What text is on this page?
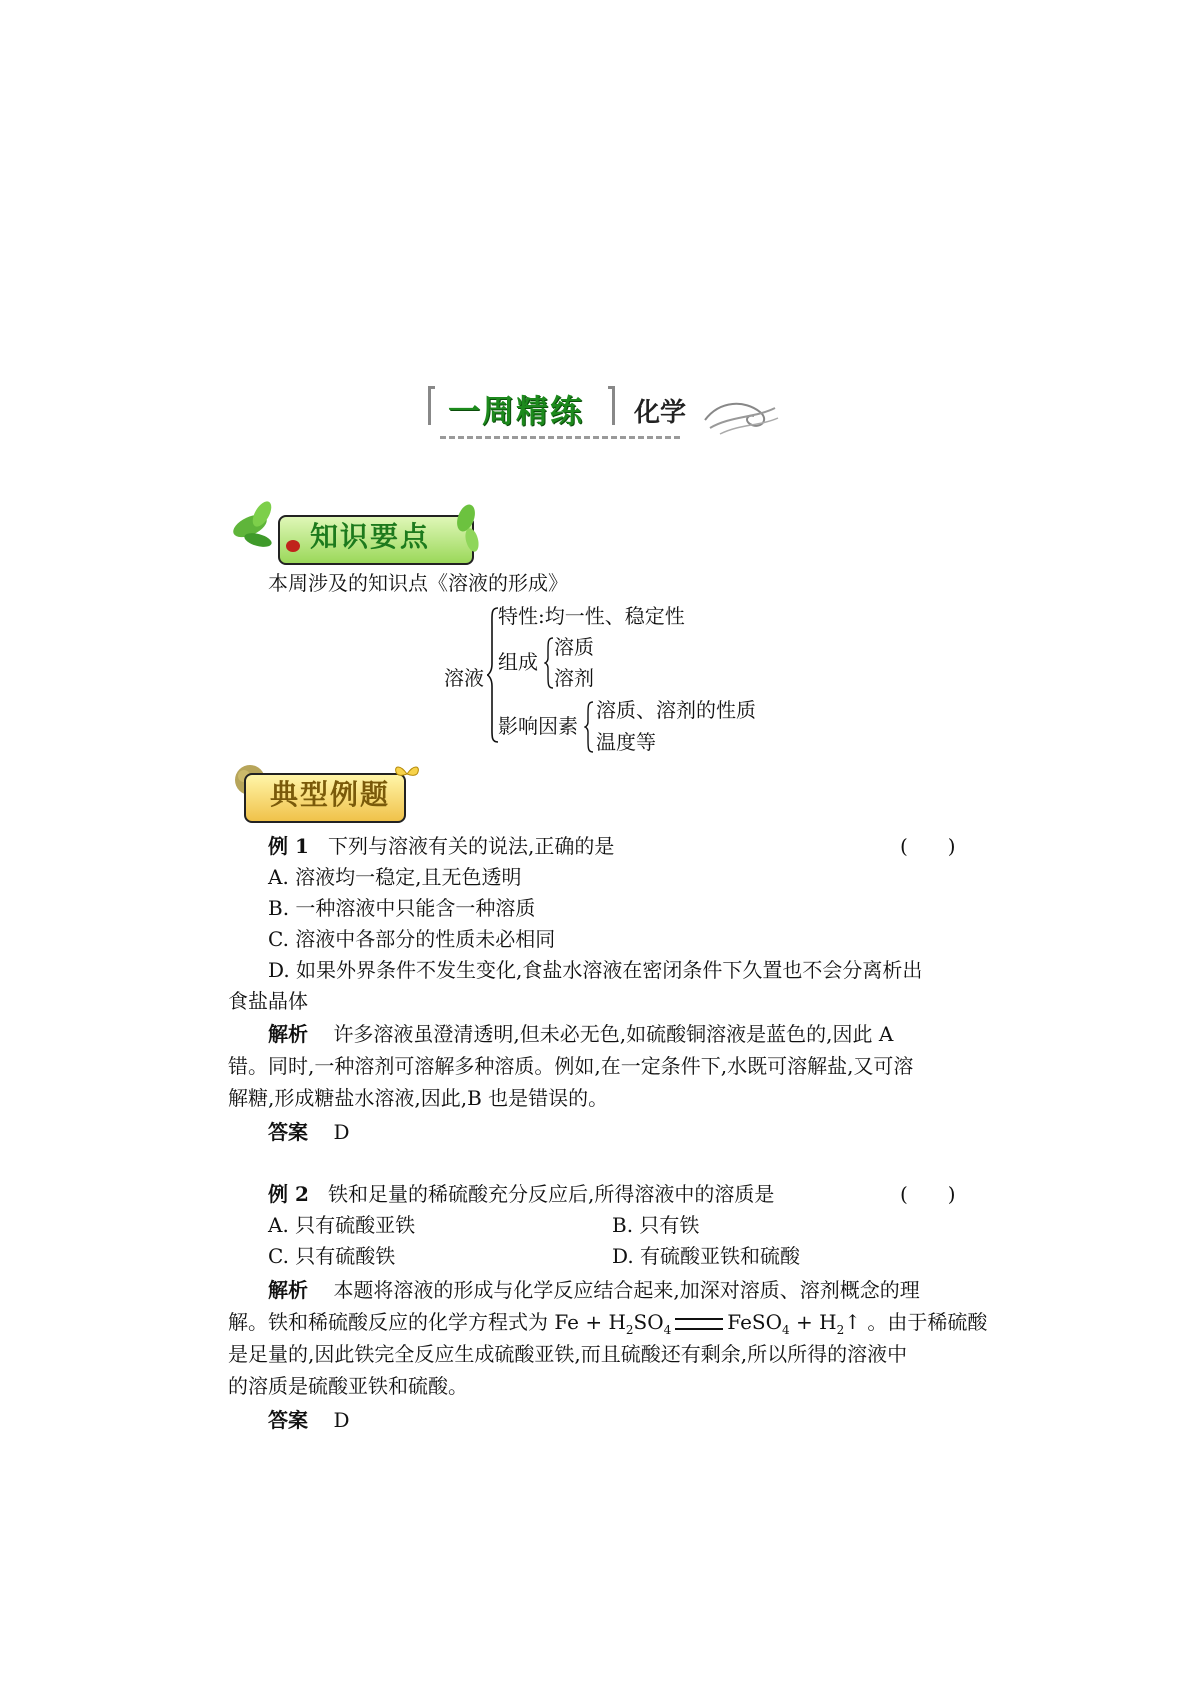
一周精练 化学
知识要点
本周涉及的知识点《溶液的形成》
溶液
特性:均一性、稳定性
组成
溶质
溶剂
影响因素
溶质、溶剂的性质
温度等
典型例题
例 1 下列与溶液有关的说法,正确的是	(　　)
A. 溶液均一稳定,且无色透明
B. 一种溶液中只能含一种溶质
C. 溶液中各部分的性质未必相同
D. 如果外界条件不发生变化,食盐水溶液在密闭条件下久置也不会分离析出
食盐晶体
解析 许多溶液虽澄清透明,但未必无色,如硫酸铜溶液是蓝色的,因此 A
错。同时,一种溶剂可溶解多种溶质。例如,在一定条件下,水既可溶解盐,又可溶
解糖,形成糖盐水溶液,因此,B 也是错误的。
答案 D
例 2 铁和足量的稀硫酸充分反应后,所得溶液中的溶质是	(　　)
A. 只有硫酸亚铁	B. 只有铁
C. 只有硫酸铁	D. 有硫酸亚铁和硫酸
解析 本题将溶液的形成与化学反应结合起来,加深对溶质、溶剂概念的理
解。铁和稀硫酸反应的化学方程式为 $Fe + H_2SO_4$	FeSO$_4$ + $H_2↑$ 。由于稀硫酸
是足量的,因此铁完全反应生成硫酸亚铁,而且硫酸还有剩余,所以所得的溶液中
的溶质是硫酸亚铁和硫酸。
答案 D
